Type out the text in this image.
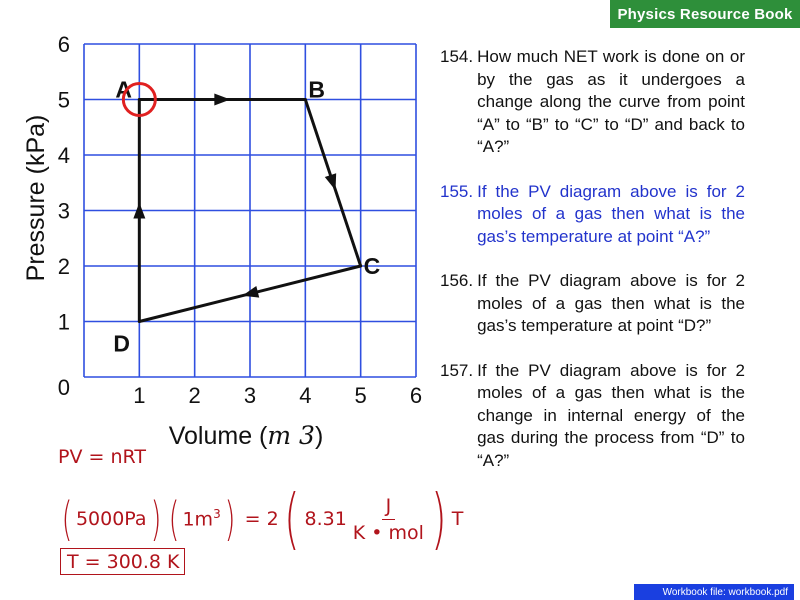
Physics Resource Book
1 2 3 4 5 6
1
2
3
4
5
6
0
A	B
C
D
Pressure (kPa)
Volume (m 3)
154. How much NET work is done on or by the gas as it undergoes a change along the curve from point “A” to “B” to “C” to “D” and back to “A?”
155. If the PV diagram above is for 2 moles of a gas then what is the gas’s temperature at point “A?”
156. If the PV diagram above is for 2 moles of a gas then what is the gas’s temperature at point “D?”
157. If the PV diagram above is for 2 moles of a gas then what is the change in internal energy of the gas during the process from “D” to “A?”
PV = nRT
( 5000Pa ) ( $1m^3$ ) = 2 ( $8.31 \frac{J}{\text{K • mol}}$ ) T
T = 300.8 K
Workbook file: workbook.pdf
